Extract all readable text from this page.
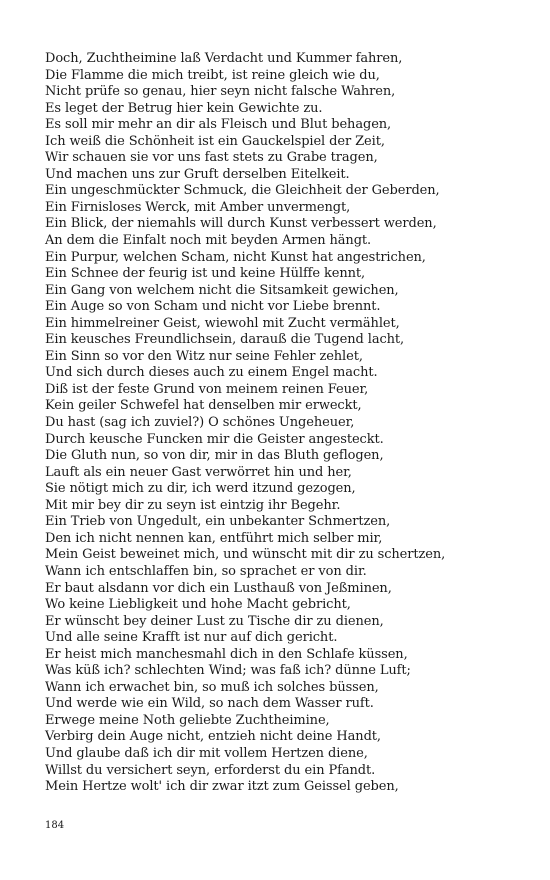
Doch, Zuchtheimine laß Verdacht und Kummer fahren,
Die Flamme die mich treibt, ist reine gleich wie du,
Nicht prüfe so genau, hier seyn nicht falsche Wahren,
Es leget der Betrug hier kein Gewichte zu.
Es soll mir mehr an dir als Fleisch und Blut behagen,
Ich weiß die Schönheit ist ein Gauckelspiel der Zeit,
Wir schauen sie vor uns fast stets zu Grabe tragen,
Und machen uns zur Gruft derselben Eitelkeit.
Ein ungeschmückter Schmuck, die Gleichheit der Geberden,
Ein Firnisloses Werck, mit Amber unvermengt,
Ein Blick, der niemahls will durch Kunst verbessert werden,
An dem die Einfalt noch mit beyden Armen hängt.
Ein Purpur, welchen Scham, nicht Kunst hat angestrichen,
Ein Schnee der feurig ist und keine Hülffe kennt,
Ein Gang von welchem nicht die Sitsamkeit gewichen,
Ein Auge so von Scham und nicht vor Liebe brennt.
Ein himmelreiner Geist, wiewohl mit Zucht vermählet,
Ein keusches Freundlichsein, darauß die Tugend lacht,
Ein Sinn so vor den Witz nur seine Fehler zehlet,
Und sich durch dieses auch zu einem Engel macht.
Diß ist der feste Grund von meinem reinen Feuer,
Kein geiler Schwefel hat denselben mir erweckt,
Du hast (sag ich zuviel?) O schönes Ungeheuer,
Durch keusche Funcken mir die Geister angesteckt.
Die Gluth nun, so von dir, mir in das Bluth geflogen,
Lauft als ein neuer Gast verwörret hin und her,
Sie nötigt mich zu dir, ich werd itzund gezogen,
Mit mir bey dir zu seyn ist eintzig ihr Begehr.
Ein Trieb von Ungedult, ein unbekanter Schmertzen,
Den ich nicht nennen kan, entführt mich selber mir,
Mein Geist beweinet mich, und wünscht mit dir zu schertzen,
Wann ich entschlaffen bin, so sprachet er von dir.
Er baut alsdann vor dich ein Lusthauß von Jeßminen,
Wo keine Liebligkeit und hohe Macht gebricht,
Er wünscht bey deiner Lust zu Tische dir zu dienen,
Und alle seine Krafft ist nur auf dich gericht.
Er heist mich manchesmahl dich in den Schlafe küssen,
Was küß ich? schlechten Wind; was faß ich? dünne Luft;
Wann ich erwachet bin, so muß ich solches büssen,
Und werde wie ein Wild, so nach dem Wasser ruft.
Erwege meine Noth geliebte Zuchtheimine,
Verbirg dein Auge nicht, entzieh nicht deine Handt,
Und glaube daß ich dir mit vollem Hertzen diene,
Willst du versichert seyn, erforderst du ein Pfandt.
Mein Hertze wolt' ich dir zwar itzt zum Geissel geben,
184
